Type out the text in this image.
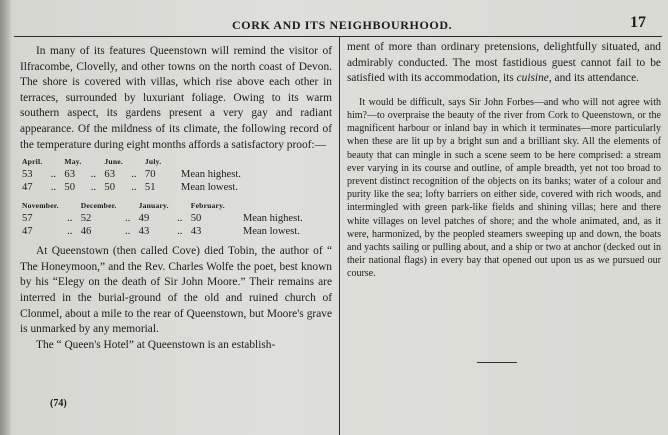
CORK AND ITS NEIGHBOURHOOD.	17

In many of its features Queenstown will remind the visitor of Ilfracombe, Clovelly, and other towns on the north coast of Devon. The shore is covered with villas, which rise above each other in terraces, surrounded by luxuriant foliage. Owing to its warm southern aspect, its gardens present a very gay and radiant appearance. Of the mildness of its climate, the following record of the temperature during eight months affords a satisfactory proof:—

April.		May.		June.		July.	
53	..	63	..	63	..	70	Mean highest.
47	..	50	..	50	..	51	Mean lowest.
November.		December.		January.		February.	
57	..	52	..	49	..	50	Mean highest.
47	..	46	..	43	..	43	Mean lowest.

At Queenstown (then called Cove) died Tobin, the author of “ The Honeymoon,” and the Rev. Charles Wolfe the poet, best known by his “Elegy on the death of Sir John Moore.” Their remains are interred in the burial-ground of the old and ruined church of Clonmel, about a mile to the rear of Queenstown, but Moore's grave is unmarked by any memorial.

The “ Queen's Hotel” at Queenstown is an establish-

(74)

ment of more than ordinary pretensions, delightfully situated, and admirably conducted. The most fastidious guest cannot fail to be satisfied with its accommodation, its cuisine, and its attendance.

It would be difficult, says Sir John Forbes—and who will not agree with him?—to overpraise the beauty of the river from Cork to Queenstown, or the magnificent harbour or inland bay in which it terminates—more particularly when these are lit up by a bright sun and a brilliant sky. All the elements of beauty that can mingle in such a scene seem to be here comprised: a stream ever varying in its course and outline, of ample breadth, yet not too broad to prevent distinct recognition of the objects on its banks; water of a colour and purity like the sea; lofty barriers on either side, covered with rich woods, and intermingled with green park-like fields and shining villas; here and there white villages on level patches of shore; and the whole animated, and, as it were, harmonized, by the peopled steamers sweeping up and down, the boats and yachts sailing or pulling about, and a ship or two at anchor (decked out in their national flags) in every bay that opened out upon us as we pursued our course.
